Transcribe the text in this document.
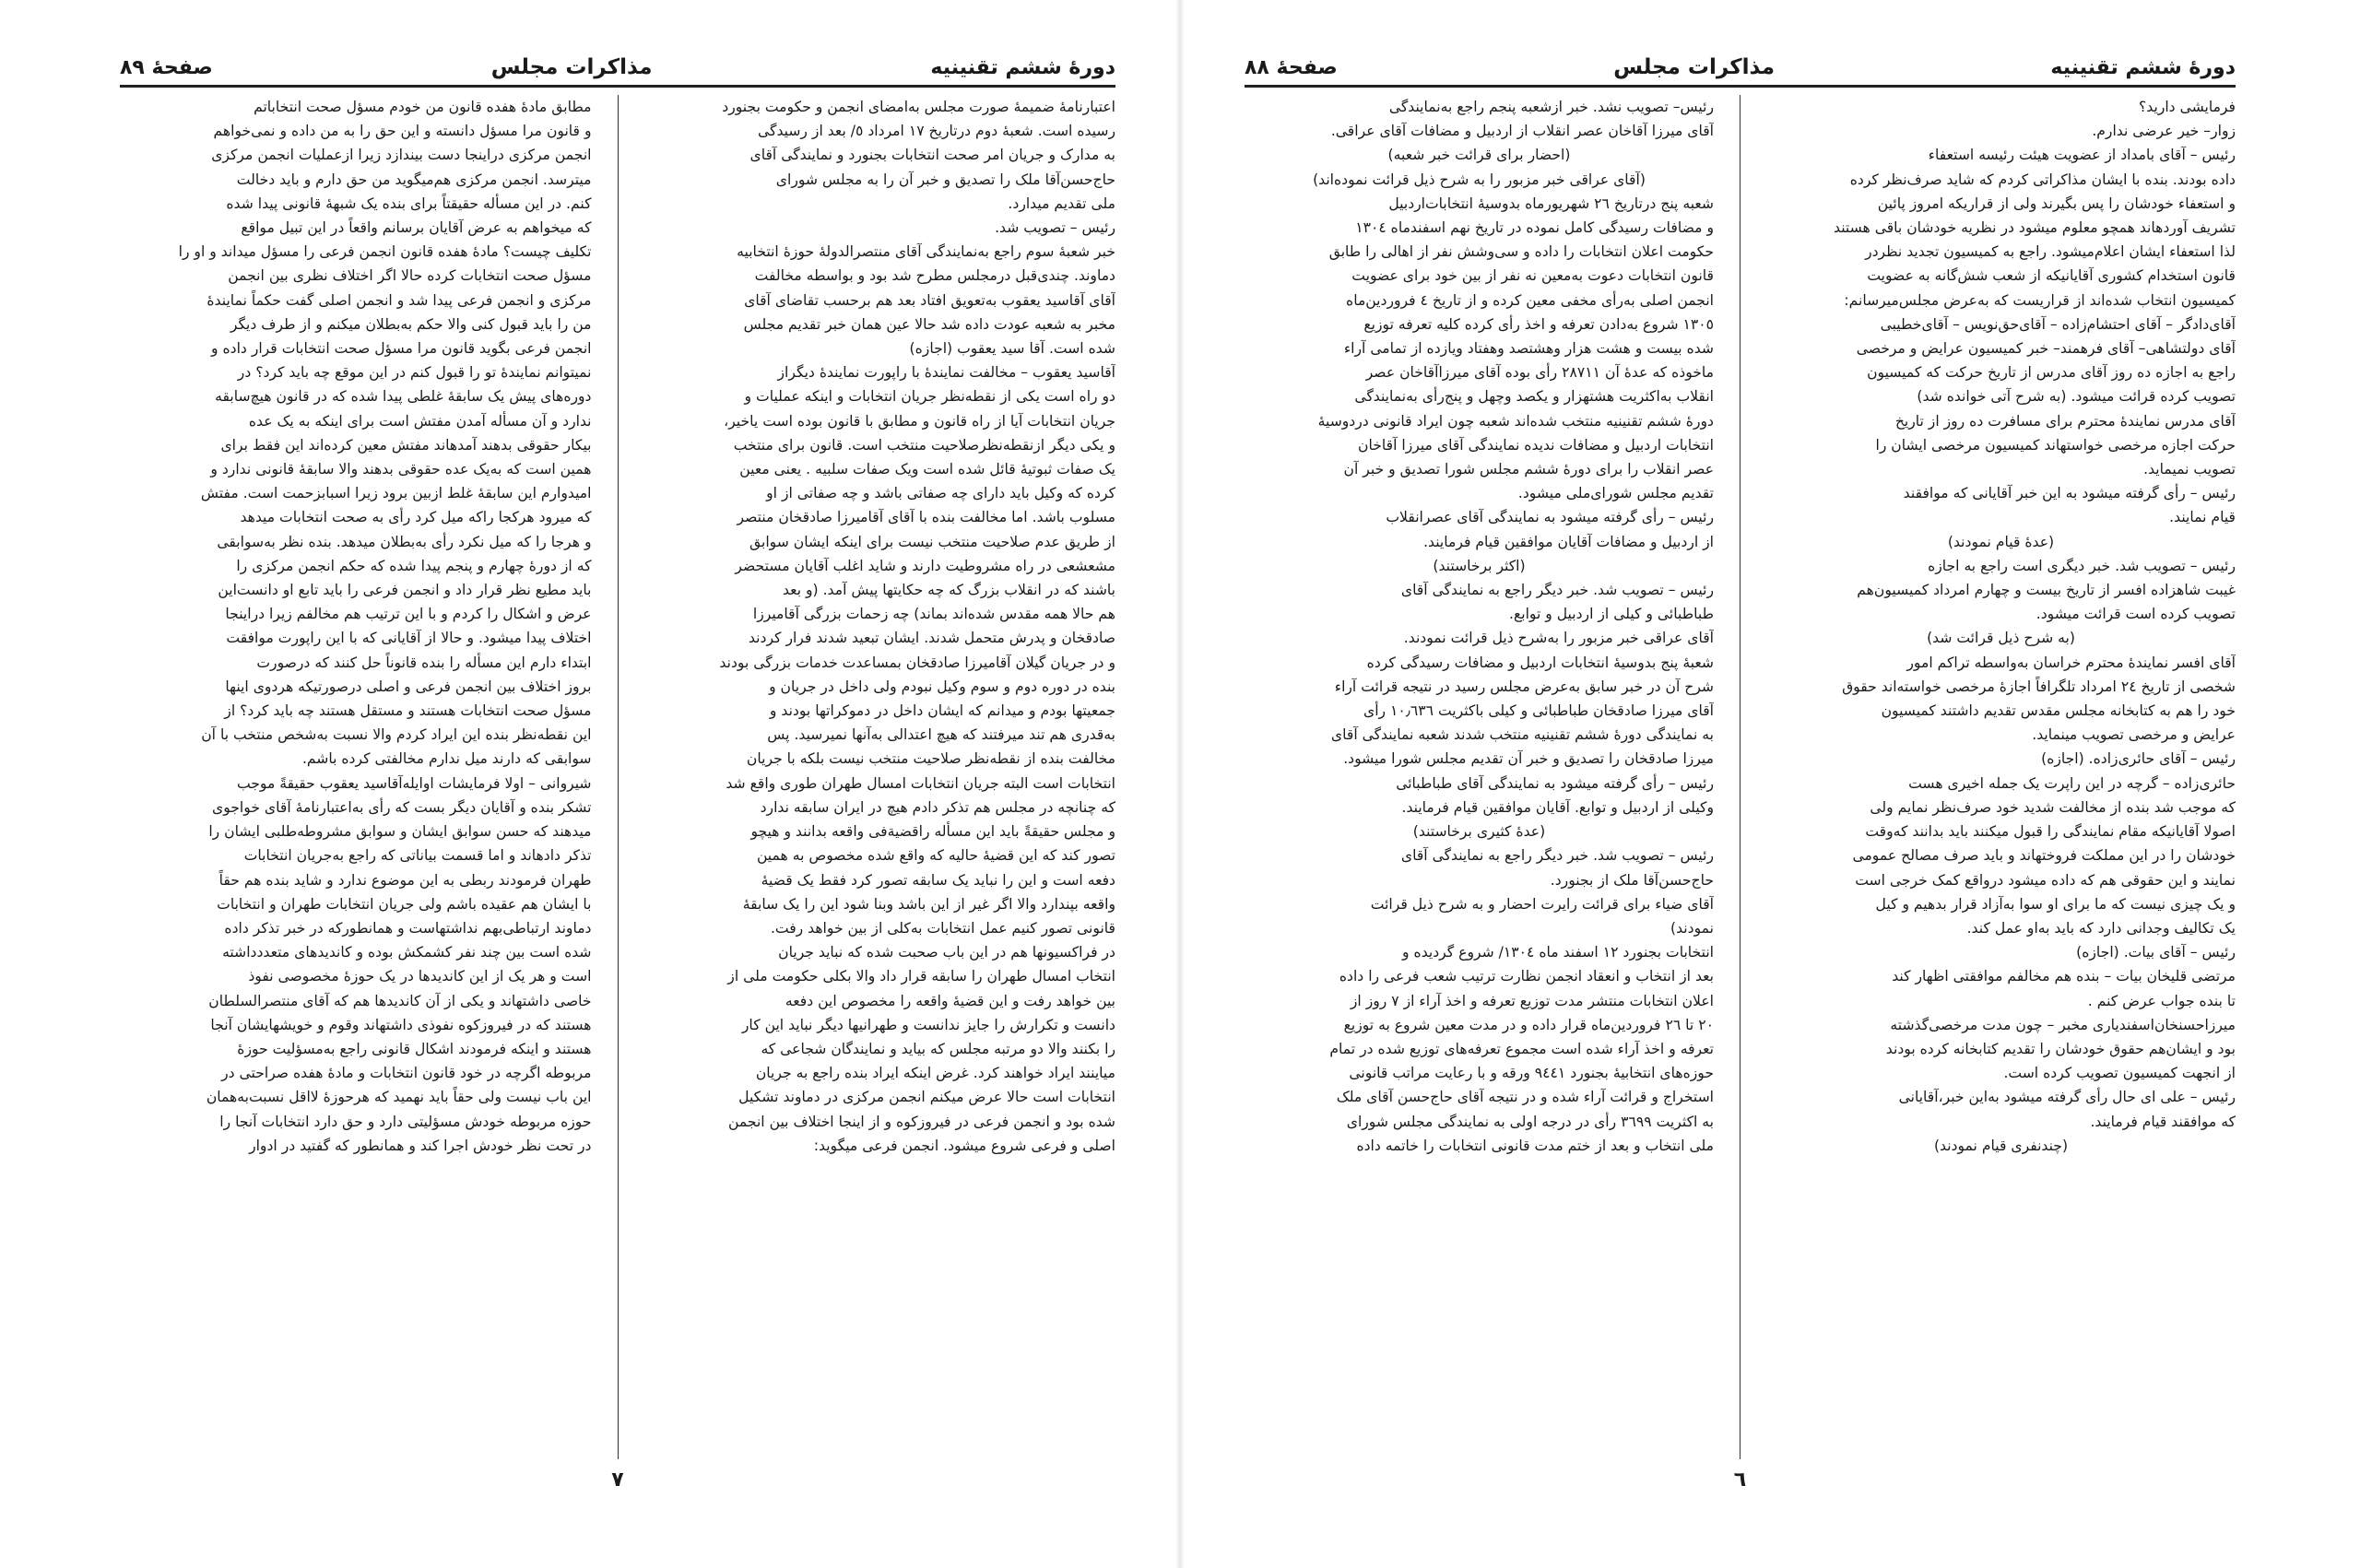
دورهٔ ششم تقنینیه
مذاکرات مجلس
صفحهٔ ۸۹

اعتبارنامهٔ ضمیمهٔ صورت مجلس به‌امضای انجمن و حکومت بجنورد

رسیده است. شعبهٔ دوم درتاریخ ۱۷ امرداد ٥/ بعد از رسیدگی

به مدارک و جریان امر صحت انتخابات بجنورد و نمایندگی آقای

حاج‌حسن‌آقا ملک را تصدیق و خبر آن را به مجلس شورای

ملی تقدیم میدارد.

رئیس – تصویب شد.

خبر شعبهٔ سوم راجع به‌نمایندگی آقای منتصرالدولهٔ حوزهٔ انتخابیه

دماوند. چندی‌قبل درمجلس مطرح شد بود و بواسطه مخالفت

آقای آقاسید یعقوب به‌تعویق افتاد بعد هم برحسب تقاضای آقای

مخبر به شعبه عودت داده شد حالا عین همان خبر تقدیم مجلس

شده است. آقا سید یعقوب (اجازه)

آقاسید یعقوب – مخالفت نمایندهٔ با راپورت نمایندهٔ دیگراز

دو راه است یکی از نقطه‌نظر جریان انتخابات و اینکه عملیات و

جریان انتخابات آیا از راه قانون و مطابق با قانون بوده است یاخیر،

و یکی دیگر ازنقطه‌نظرصلاحیت منتخب است. قانون برای منتخب

یک صفات ثبوتیهٔ قائل شده است ویک صفات سلبیه . یعنی معین

کرده که وکیل باید دارای چه صفاتی باشد و چه صفاتی از او

مسلوب باشد. اما مخالفت بنده با آقای آقامیرزا صادقخان منتصر

از طریق عدم صلاحیت منتخب نیست برای اینکه ایشان سوابق

مشعشعی در راه مشروطیت دارند و شاید اغلب آقایان مستحضر

باشند که در انقلاب بزرگ که چه حکایتها پیش آمد. (و بعد

هم حالا همه مقدس شده‌اند بماند) چه زحمات بزرگی آقامیرزا

صادقخان و پدرش متحمل شدند. ایشان تبعید شدند فرار کردند

و در جریان گیلان آقامیرزا صادقخان بمساعدت خدمات بزرگی بودند

بنده در دوره دوم و سوم وکیل نبودم ولی داخل در جریان و

جمعیتها بودم و میدانم که ایشان داخل در دموکراتها بودند و

به‌قدری هم تند میرفتند که هیچ اعتدالی به‌آنها نمیرسید. پس

مخالفت بنده از نقطه‌نظر صلاحیت منتخب نیست بلکه با جریان

انتخابات است البته جریان انتخابات امسال طهران طوری واقع شد

که چنانچه در مجلس هم تذکر دادم هیچ در ایران سابقه ندارد

و مجلس حقیقةً باید این مسأله راقضیةفی واقعه بدانند و هیچو

تصور کند که این قضیهٔ حالیه که واقع شده مخصوص به همین

دفعه است و این را نباید یک سابقه تصور کرد فقط یک قضیهٔ

واقعه بپندارد والا اگر غیر از این باشد وبنا شود این را یک سابقهٔ

قانونی تصور کنیم عمل انتخابات به‌کلی از بین خواهد رفت.

در فراکسیونها هم در این باب صحبت شده که نباید جریان

انتخاب امسال طهران را سابقه قرار داد والا بکلی حکومت ملی از

بین خواهد رفت و این قضیهٔ واقعه را مخصوص این دفعه

دانست و تکرارش را جایز ندانست و طهرانیها دیگر نباید این کار

را بکنند والا دو مرتبه مجلس که بیاید و نمایندگان شجاعی که

میاینند ایراد خواهند کرد. غرض اینکه ایراد بنده راجع به جریان

انتخابات است حالا عرض میکنم انجمن مرکزی در دماوند تشکیل

شده بود و انجمن فرعی در فیروزکوه و از اینجا اختلاف بین انجمن

اصلی و فرعی شروع میشود. انجمن فرعی میگوید:

مطابق مادهٔ هفده قانون من خودم مسؤل صحت انتخاباتم

و قانون مرا مسؤل دانسته و این حق را به من داده و نمی‌خواهم

انجمن مرکزی دراینجا دست بیندازد زیرا ازعملیات انجمن مرکزی

میترسد. انجمن مرکزی هم‌میگوید من حق دارم و باید دخالت

کنم. در این مسأله حقیقتاً برای بنده یک شبههٔ قانونی پیدا شده

که میخواهم به عرض آقایان برسانم واقعاً در این تبیل مواقع

تکلیف چیست؟ مادهٔ هفده قانون انجمن فرعی را مسؤل میداند و او را

مسؤل صحت انتخابات کرده حالا اگر اختلاف نظری بین انجمن

مرکزی و انجمن فرعی پیدا شد و انجمن اصلی گفت حکماً نمایندهٔ

من را باید قبول کنی والا حکم به‌بطلان میکنم و از طرف دیگر

انجمن فرعی بگوید قانون مرا مسؤل صحت انتخابات قرار داده و

نمیتوانم نمایندهٔ تو را قبول کنم در این موقع چه باید کرد؟ در

دوره‌های پیش یک سابقهٔ غلطی پیدا شده که در قانون هیچ‌سابقه

ندارد و آن مسأله آمدن مفتش است برای اینکه به یک عده

بیکار حقوقی بدهند آمدهاند مفتش معین کرده‌اند این فقط برای

همین است که به‌یک عده حقوقی بدهند والا سابقهٔ قانونی ندارد و

امیدوارم این سابقهٔ غلط ازبین برود زیرا اسبابزحمت است. مفتش

که میرود هرکجا راکه میل کرد رأی به صحت انتخابات میدهد

و هرجا را که میل نکرد رأی به‌بطلان میدهد. بنده نظر به‌سوابقی

که از دورهٔ چهارم و پنجم پیدا شده که حکم انجمن مرکزی را

باید مطیع نظر قرار داد و انجمن فرعی را باید تابع او دانست‌این

عرض و اشکال را کردم و با این ترتیب هم مخالفم زیرا دراینجا

اختلاف پیدا میشود. و حالا از آقایانی که با این راپورت موافقت

ابتداء دارم این مسأله را بنده قانوناً حل کنند که درصورت

بروز اختلاف بین انجمن فرعی و اصلی درصورتیکه هردوی اینها

مسؤل صحت انتخابات هستند و مستقل هستند چه باید کرد؟ از

این نقطه‌نظر بنده این ایراد کردم والا نسبت به‌شخص منتخب با آن

سوابقی که دارند میل ندارم مخالفتی کرده باشم.

شیروانی – اولا فرمایشات اوایله‌آقاسید یعقوب حقیقةً موجب

تشکر بنده و آقایان دیگر بست که رأی به‌اعتبارنامهٔ آقای خواجوی

میدهند که حسن سوابق ایشان و سوابق مشروطه‌طلبی ایشان را

تذکر دادهاند و اما قسمت بیاناتی که راجع به‌جریان انتخابات

طهران فرمودند ربطی به این موضوع ندارد و شاید بنده هم حقاً

با ایشان هم عقیده باشم ولی جریان انتخابات طهران و انتخابات

دماوند ارتباطی‌بهم نداشتهاست و همانطورکه در خبر تذکر داده

شده است بین چند نفر کشمکش بوده و کاندیدهای متعدد‌داشته

است و هر یک از این کاندیدها در یک حوزهٔ مخصوصی نفوذ

خاصی داشتهاند و یکی از آن کاندیدها هم که آقای منتصرالسلطان

هستند که در فیروزکوه نفوذی داشتهاند وقوم و خویشهایشان آنجا

هستند و اینکه فرمودند اشکال قانونی راجع به‌مسؤلیت حوزهٔ

مربوطه اگرچه در خود قانون انتخابات و مادهٔ هفده صراحتی در

این باب نیست ولی حقاً باید نهمید که هرحوزهٔ لااقل نسبت‌به‌همان

حوزه مربوطه خودش مسؤلیتی دارد و حق دارد انتخابات آنجا را

در تحت نظر خودش اجرا کند و همانطور که گفتید در ادوار

۷
دورهٔ ششم تقنینیه
مذاکرات مجلس
صفحهٔ ۸۸

فرمایشی دارید؟

زوار– خیر عرضی ندارم.

رئیس – آقای بامداد از عضویت هیئت رئیسه استعفاء

داده بودند. بنده با ایشان مذاکراتی کردم که شاید صرف‌نظر کرده

و استعفاء خودشان را پس بگیرند ولی از قراریکه امروز پائین

تشریف آوردهاند همچو معلوم میشود در نظریه خودشان باقی هستند

لذا استعفاء ایشان اعلام‌میشود. راجع به کمیسیون تجدید نظردر

قانون استخدام کشوری آقایانیکه از شعب شش‌گانه به عضویت

کمیسیون انتخاب شده‌اند از قراریست که به‌عرض مجلس‌میرسانم:

آقای‌دادگر – آقای احتشام‌زاده – آقای‌حق‌نویس – آقای‌خطیبی

آقای دولتشاهی– آقای فرهمند– خبر کمیسیون عرایض و مرخصی

راجع به اجازه ده روز آقای مدرس از تاریخ حرکت که کمیسیون

تصویب کرده قرائت میشود. (به شرح آتی خوانده شد)

آقای مدرس نمایندهٔ محترم برای مسافرت ده روز از تاریخ

حرکت اجازه مرخصی خواستهاند کمیسیون مرخصی ایشان را

تصویب نمیماید.

رئیس – رأی گرفته میشود به این خبر آقایانی که موافقند

قیام نمایند.

(عدهٔ قیام نمودند)

رئیس – تصویب شد. خبر دیگری است راجع به اجازه

غیبت شاهزاده افسر از تاریخ بیست و چهارم امرداد کمیسیون‌هم

تصویب کرده است قرائت میشود.

(به شرح ذیل قرائت شد)

آقای افسر نمایندهٔ محترم خراسان به‌واسطه تراکم امور

شخصی از تاریخ ۲٤ امرداد تلگرافاً اجازهٔ مرخصی خواسته‌اند حقوق

خود را هم به کتابخانه مجلس مقدس تقدیم داشتند کمیسیون

عرایض و مرخصی تصویب مینماید.

رئیس – آقای حائری‌زاده. (اجازه)

حائری‌زاده – گرچه در این راپرت یک جمله اخیری هست

که موجب شد بنده از مخالفت شدید خود صرف‌نظر نمایم ولی

اصولا آقایانیکه مقام نمایندگی را قبول میکنند باید بدانند که‌وقت

خودشان را در این مملکت فروختهاند و باید صرف مصالح عمومی

نمایند و این حقوقی هم که داده میشود درواقع کمک خرجی است

و یک چیزی نیست که ما برای او سوا به‌آزاد قرار بدهیم و کیل

یک تکالیف وجدانی دارد که باید به‌او عمل کند.

رئیس – آقای بیات. (اجازه)

مرتضی قلیخان بیات – بنده هم مخالفم موافقتی اظهار کند

تا بنده جواب عرض کنم .

میرزاحسنخان‌اسفندیاری مخبر – چون مدت مرخصی‌گذشته

بود و ایشان‌هم حقوق خودشان را تقدیم کتابخانه کرده بودند

از انجهت کمیسیون تصویب کرده است.

رئیس – علی ای حال رأی گرفته میشود به‌این خبر،آقایانی

که موافقند قیام فرمایند.

(چندنفری قیام نمودند)

رئیس– تصویب نشد. خبر ازشعبه پنجم راجع به‌نمایندگی

آقای میرزا آقاخان عصر انقلاب از اردبیل و مضافات آقای عراقی.

(احضار برای قرائت خبر شعبه)

(آقای عراقی خبر مزبور را به شرح ذیل قرائت نموده‌اند)

شعبه پنج درتاریخ ۲٦ شهریورماه بدوسیهٔ انتخابات‌اردبیل

و مضافات رسیدگی کامل نموده در تاریخ نهم اسفندماه ۱۳۰٤

حکومت اعلان انتخابات را داده و سی‌وشش نفر از اهالی را طابق

قانون انتخابات دعوت به‌معین نه نفر از بین خود برای عضویت

انجمن اصلی به‌رأی مخفی معین کرده و از تاریخ ٤ فروردین‌ماه

۱۳۰٥ شروع به‌دادن تعرفه و اخذ رأی کرده کلیه تعرفه توزیع

شده بیست و هشت هزار وهشتصد وهفتاد ویازده از تمامی آراء

ماخوذه که عدهٔ آن ۲۸۷۱۱ رأی بوده آقای میرزاآقاخان عصر

انقلاب به‌اکثریت هشتهزار و یکصد وچهل و پنج‌رأی به‌نمایندگی

دورهٔ ششم تقنینیه منتخب شده‌اند شعبه چون ایراد قانونی دردوسیهٔ

انتخابات اردبیل و مضافات ندیده نمایندگی آقای میرزا آقاخان

عصر انقلاب را برای دورهٔ ششم مجلس شورا تصدیق و خبر آن

تقدیم مجلس شورای‌ملی میشود.

رئیس – رأی گرفته میشود به نمایندگی آقای عصرانقلاب

از اردبیل و مضافات آقایان موافقین قیام فرمایند.

(اکثر برخاستند)

رئیس – تصویب شد. خبر دیگر راجع به نمایندگی آقای

طباطبائی و کیلی از اردبیل و توابع.

آقای عراقی خبر مزبور را به‌شرح ذیل قرائت نمودند.

شعبهٔ پنج بدوسیهٔ انتخابات اردبیل و مضافات رسیدگی کرده

شرح آن در خبر سابق به‌عرض مجلس رسید در نتیجه قرائت آراء

آقای میرزا صادقخان طباطبائی و کیلی با‌کثریت ۱۰٫٦۳٦ رأی

به نمایندگی دورهٔ ششم تقنینیه منتخب شدند شعبه نمایندگی آقای

میرزا صادقخان را تصدیق و خبر آن تقدیم مجلس شورا میشود.

رئیس – رأی گرفته میشود به نمایندگی آقای طباطبائی

وکیلی از اردبیل و توابع. آقایان موافقین قیام فرمایند.

(عدهٔ کثیری برخاستند)

رئیس – تصویب شد. خبر دیگر راجع به نمایندگی آقای

حاج‌حسن‌آقا ملک از بجنورد.

آقای ضیاء برای قرائت رایرت احضار و به شرح ذیل قرائت

نمودند)

انتخابات بجنورد ۱۲ اسفند ماه ۱۳۰٤/ شروع گردیده و

بعد از انتخاب و انعقاد انجمن نظارت ترتیب شعب فرعی را داده

اعلان انتخابات منتشر مدت توزیع تعرفه و اخذ آراء از ۷ روز از

۲۰ تا ۲٦ فروردین‌ماه قرار داده و در مدت معین شروع به توزیع

تعرفه و اخذ آراء شده است مجموع تعرفه‌های توزیع شده در تمام

حوزه‌های انتخابیهٔ بجنورد ۹٤٤۱ ورقه و با رعایت مراتب قانونی

استخراج و قرائت آراء شده و در نتیجه آقای حاج‌حسن آقای ملک

به اکثریت ۳٦۹۹ رأی در درجه اولی به نمایندگی مجلس شورای

ملی انتخاب و بعد از ختم مدت قانونی انتخابات را خاتمه داده

٦
